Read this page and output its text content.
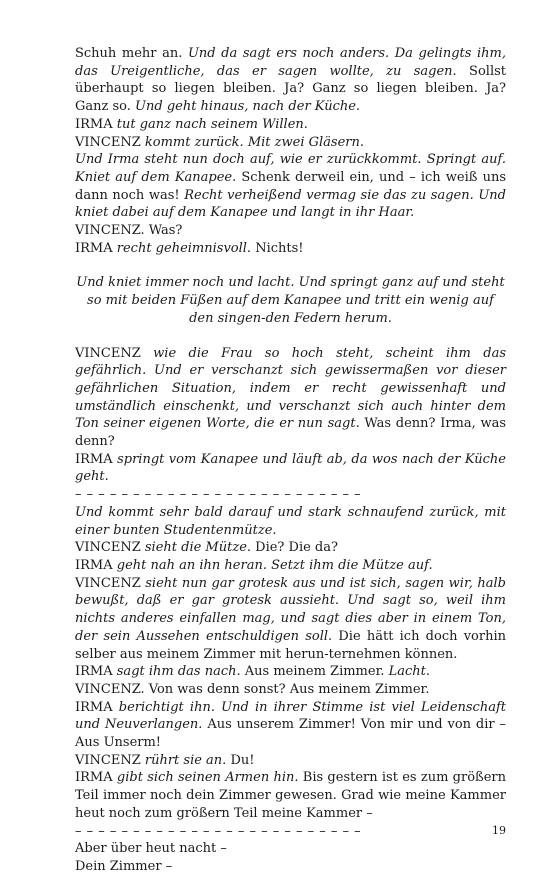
Schuh mehr an. Und da sagt ers noch anders. Da gelingts ihm, das Ureigentliche, das er sagen wollte, zu sagen. Sollst überhaupt so liegen bleiben. Ja? Ganz so liegen bleiben. Ja? Ganz so. Und geht hinaus, nach der Küche.

IRMA tut ganz nach seinem Willen.

VINCENZ kommt zurück. Mit zwei Gläsern.

Und Irma steht nun doch auf, wie er zurückkommt. Springt auf. Kniet auf dem Kanapee. Schenk derweil ein, und – ich weiß uns dann noch was! Recht verheißend vermag sie das zu sagen. Und kniet dabei auf dem Kanapee und langt in ihr Haar.

VINCENZ. Was?

IRMA recht geheimnisvoll. Nichts!

Und kniet immer noch und lacht. Und springt ganz auf und steht so mit beiden Füßen auf dem Kanapee und tritt ein wenig auf den singen-den Federn herum.

VINCENZ wie die Frau so hoch steht, scheint ihm das gefährlich. Und er verschanzt sich gewissermaßen vor dieser gefährlichen Situation, indem er recht gewissenhaft und umständlich einschenkt, und verschanzt sich auch hinter dem Ton seiner eigenen Worte, die er nun sagt. Was denn? Irma, was denn?

IRMA springt vom Kanapee und läuft ab, da wos nach der Küche geht.

– – – – – – – – – – – – – – – – – – – – – – – – –

Und kommt sehr bald darauf und stark schnaufend zurück, mit einer bunten Studentenmütze.

VINCENZ sieht die Mütze. Die? Die da?

IRMA geht nah an ihn heran. Setzt ihm die Mütze auf.

VINCENZ sieht nun gar grotesk aus und ist sich, sagen wir, halb bewußt, daß er gar grotesk aussieht. Und sagt so, weil ihm nichts anderes einfallen mag, und sagt dies aber in einem Ton, der sein Aussehen entschuldigen soll. Die hätt ich doch vorhin selber aus meinem Zimmer mit herun-ternehmen können.

IRMA sagt ihm das nach. Aus meinem Zimmer. Lacht.

VINCENZ. Von was denn sonst? Aus meinem Zimmer.

IRMA berichtigt ihn. Und in ihrer Stimme ist viel Leidenschaft und Neuverlangen. Aus unserem Zimmer! Von mir und von dir – Aus Unserm!

VINCENZ rührt sie an. Du!

IRMA gibt sich seinen Armen hin. Bis gestern ist es zum größern Teil immer noch dein Zimmer gewesen. Grad wie meine Kammer heut noch zum größern Teil meine Kammer –

– – – – – – – – – – – – – – – – – – – – – – – – –

Aber über heut nacht –

Dein Zimmer –

19
